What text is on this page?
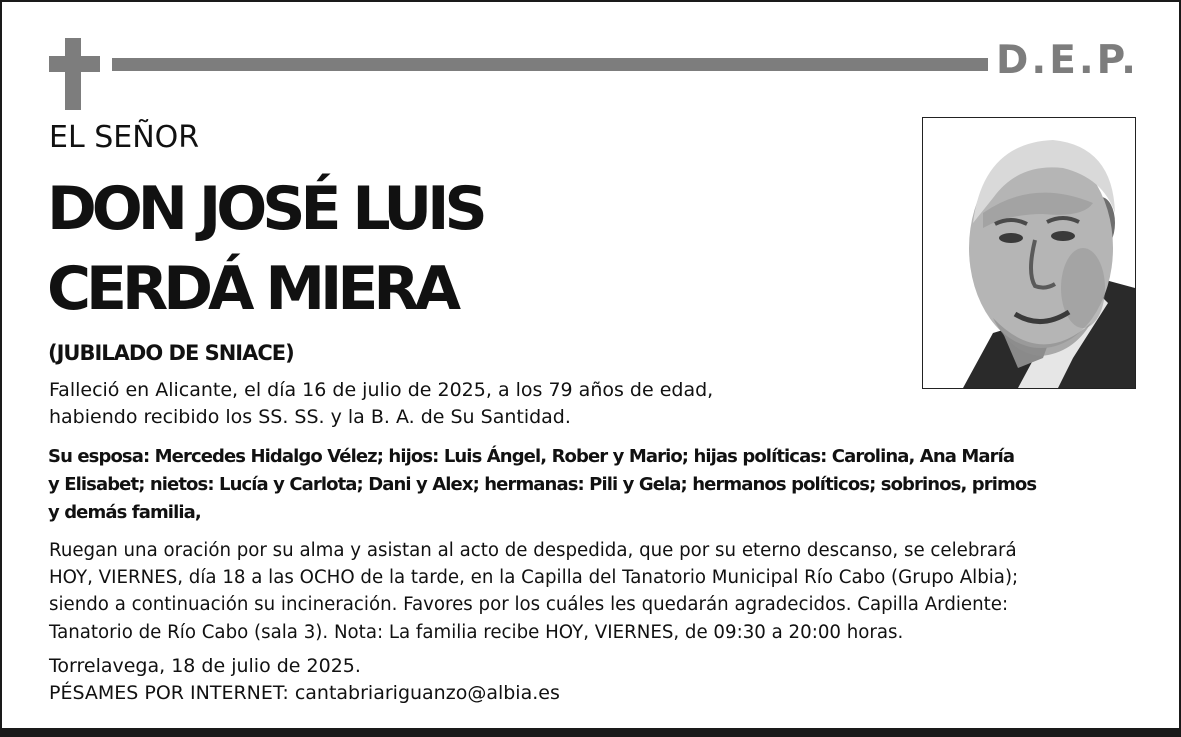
D.E.P.
EL SEÑOR
DON JOSÉ LUIS
CERDÁ MIERA
(JUBILADO DE SNIACE)
Falleció en Alicante, el día 16 de julio de 2025, a los 79 años de edad,
habiendo recibido los SS. SS. y la B. A. de Su Santidad.
Su esposa: Mercedes Hidalgo Vélez; hijos: Luis Ángel, Rober y Mario; hijas políticas: Carolina, Ana María
y Elisabet; nietos: Lucía y Carlota; Dani y Alex; hermanas: Pili y Gela; hermanos políticos; sobrinos, primos
y demás familia,
Ruegan una oración por su alma y asistan al acto de despedida, que por su eterno descanso, se celebrará
HOY, VIERNES, día 18 a las OCHO de la tarde, en la Capilla del Tanatorio Municipal Río Cabo (Grupo Albia);
siendo a continuación su incineración. Favores por los cuáles les quedarán agradecidos. Capilla Ardiente:
Tanatorio de Río Cabo (sala 3). Nota: La familia recibe HOY, VIERNES, de 09:30 a 20:00 horas.
Torrelavega, 18 de julio de 2025.
PÉSAMES POR INTERNET: cantabriariguanzo@albia.es
